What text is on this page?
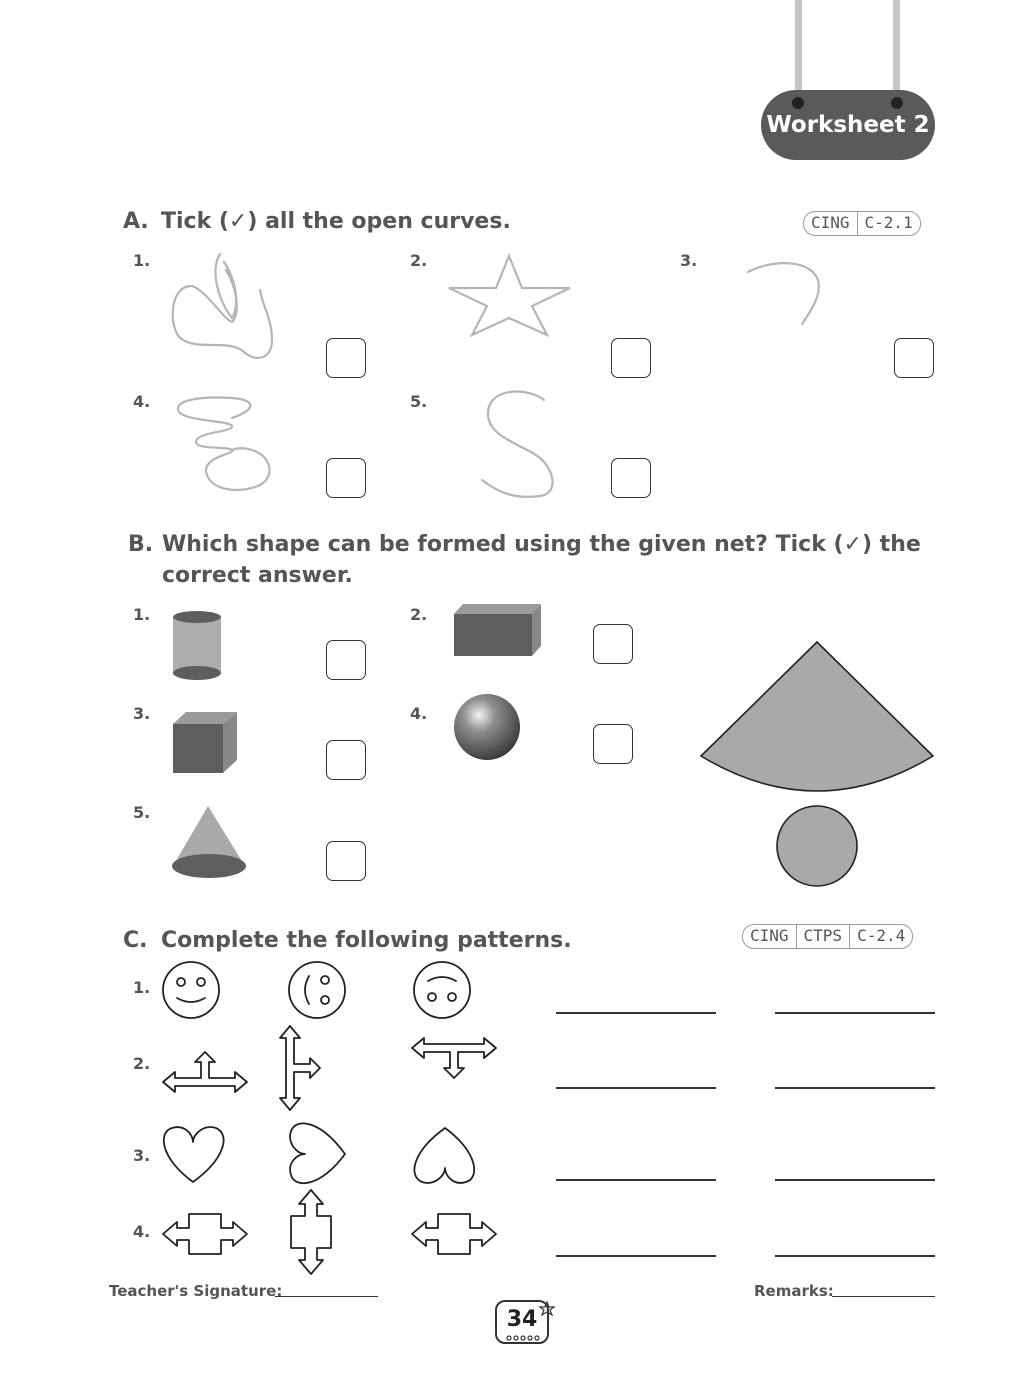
Worksheet 2
A. Tick (✓) all the open curves.	CING C-2.1
1.	2.	3.
4.	5.
B. Which shape can be formed using the given net? Tick (✓) the
correct answer.
1.	2.
3.	4.
5.
C. Complete the following patterns.	CING CTPS C-2.4
1.
2.
3.
4.
Teacher's Signature:	Remarks:
34
